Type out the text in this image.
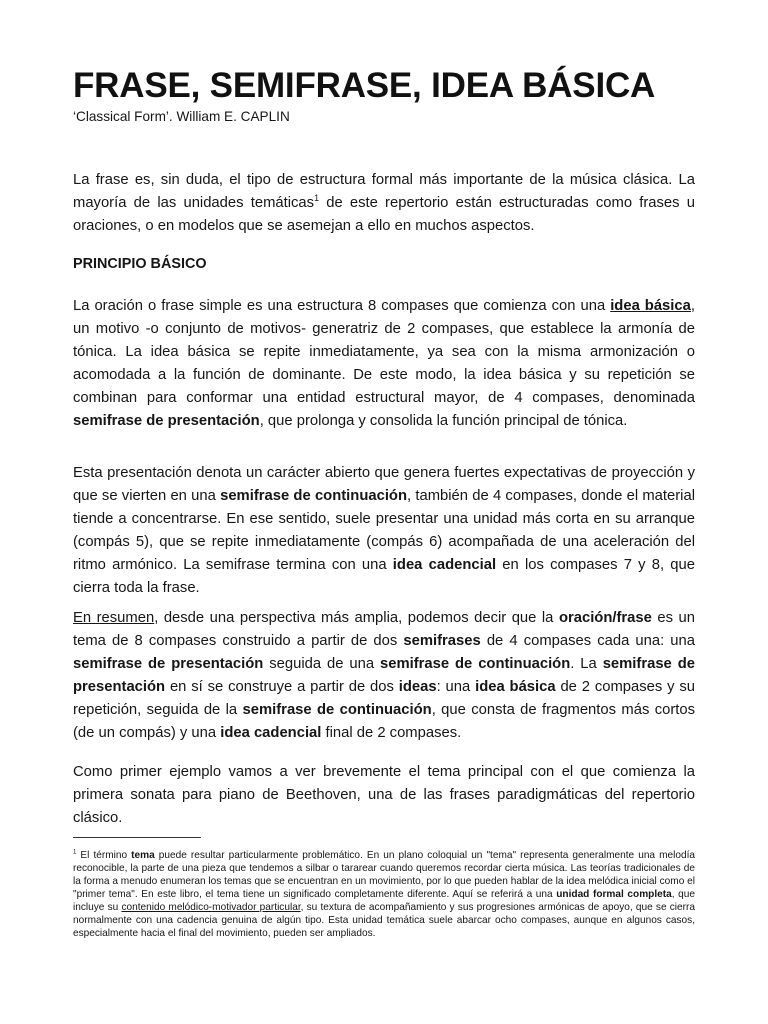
FRASE, SEMIFRASE, IDEA BÁSICA
‘Classical Form’. William E. CAPLIN

La frase es, sin duda, el tipo de estructura formal más importante de la música clásica. La mayoría de las unidades temáticas$^1$ de este repertorio están estructuradas como frases u oraciones, o en modelos que se asemejan a ello en muchos aspectos.

PRINCIPIO BÁSICO

La oración o frase simple es una estructura 8 compases que comienza con una idea básica, un motivo -o conjunto de motivos- generatriz de 2 compases, que establece la armonía de tónica. La idea básica se repite inmediatamente, ya sea con la misma armonización o acomodada a la función de dominante. De este modo, la idea básica y su repetición se combinan para conformar una entidad estructural mayor, de 4 compases, denominada semifrase de presentación, que prolonga y consolida la función principal de tónica.

Esta presentación denota un carácter abierto que genera fuertes expectativas de proyección y que se vierten en una semifrase de continuación, también de 4 compases, donde el material tiende a concentrarse. En ese sentido, suele presentar una unidad más corta en su arranque (compás 5), que se repite inmediatamente (compás 6) acompañada de una aceleración del ritmo armónico. La semifrase termina con una idea cadencial en los compases 7 y 8, que cierra toda la frase.

En resumen, desde una perspectiva más amplia, podemos decir que la oración/frase es un tema de 8 compases construido a partir de dos semifrases de 4 compases cada una: una semifrase de presentación seguida de una semifrase de continuación. La semifrase de presentación en sí se construye a partir de dos ideas: una idea básica de 2 compases y su repetición, seguida de la semifrase de continuación, que consta de fragmentos más cortos (de un compás) y una idea cadencial final de 2 compases.

Como primer ejemplo vamos a ver brevemente el tema principal con el que comienza la primera sonata para piano de Beethoven, una de las frases paradigmáticas del repertorio clásico.

$^1$ El término tema puede resultar particularmente problemático. En un plano coloquial un "tema" representa generalmente una melodía reconocible, la parte de una pieza que tendemos a silbar o tararear cuando queremos recordar cierta música. Las teorías tradicionales de la forma a menudo enumeran los temas que se encuentran en un movimiento, por lo que pueden hablar de la idea melódica inicial como el "primer tema". En este libro, el tema tiene un significado completamente diferente. Aquí se referirá a una unidad formal completa, que incluye su contenido melódico-motivador particular, su textura de acompañamiento y sus progresiones armónicas de apoyo, que se cierra normalmente con una cadencia genuina de algún tipo. Esta unidad temática suele abarcar ocho compases, aunque en algunos casos, especialmente hacia el final del movimiento, pueden ser ampliados.
